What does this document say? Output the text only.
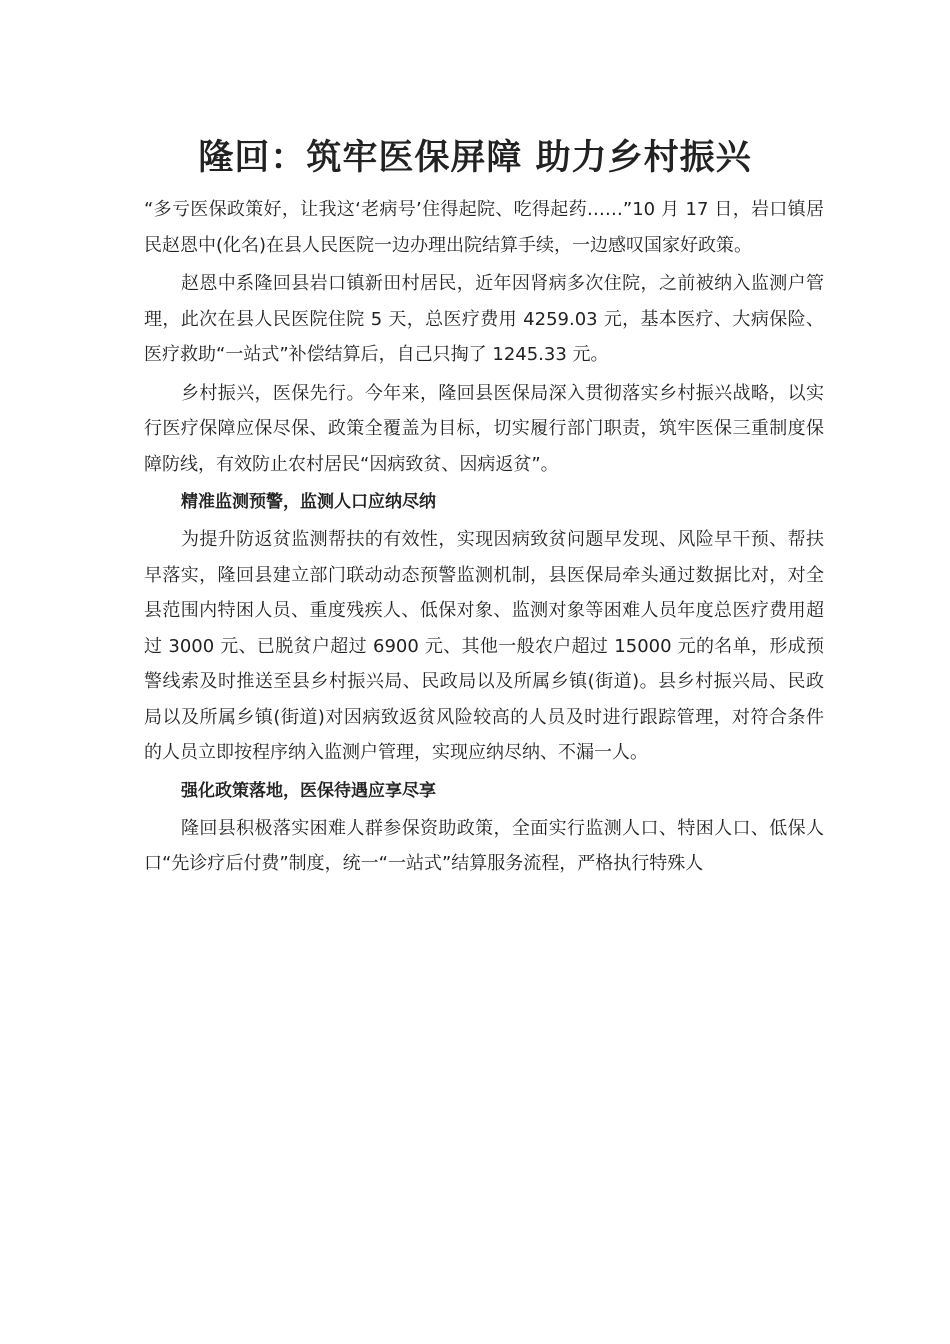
隆回：筑牢医保屏障 助力乡村振兴

“多亏医保政策好，让我这‘老病号’住得起院、吃得起药……”10 月 17 日，岩口镇居民赵恩中(化名)在县人民医院一边办理出院结算手续，一边感叹国家好政策。

赵恩中系隆回县岩口镇新田村居民，近年因肾病多次住院，之前被纳入监测户管理，此次在县人民医院住院 5 天，总医疗费用 4259.03 元，基本医疗、大病保险、医疗救助“一站式”补偿结算后，自己只掏了 1245.33 元。

乡村振兴，医保先行。今年来，隆回县医保局深入贯彻落实乡村振兴战略，以实行医疗保障应保尽保、政策全覆盖为目标，切实履行部门职责，筑牢医保三重制度保障防线，有效防止农村居民“因病致贫、因病返贫”。

精准监测预警，监测人口应纳尽纳

为提升防返贫监测帮扶的有效性，实现因病致贫问题早发现、风险早干预、帮扶早落实，隆回县建立部门联动动态预警监测机制，县医保局牵头通过数据比对，对全县范围内特困人员、重度残疾人、低保对象、监测对象等困难人员年度总医疗费用超过 3000 元、已脱贫户超过 6900 元、其他一般农户超过 15000 元的名单，形成预警线索及时推送至县乡村振兴局、民政局以及所属乡镇(街道)。县乡村振兴局、民政局以及所属乡镇(街道)对因病致返贫风险较高的人员及时进行跟踪管理，对符合条件的人员立即按程序纳入监测户管理，实现应纳尽纳、不漏一人。

强化政策落地，医保待遇应享尽享

隆回县积极落实困难人群参保资助政策，全面实行监测人口、特困人口、低保人口“先诊疗后付费”制度，统一“一站式”结算服务流程，严格执行特殊人
